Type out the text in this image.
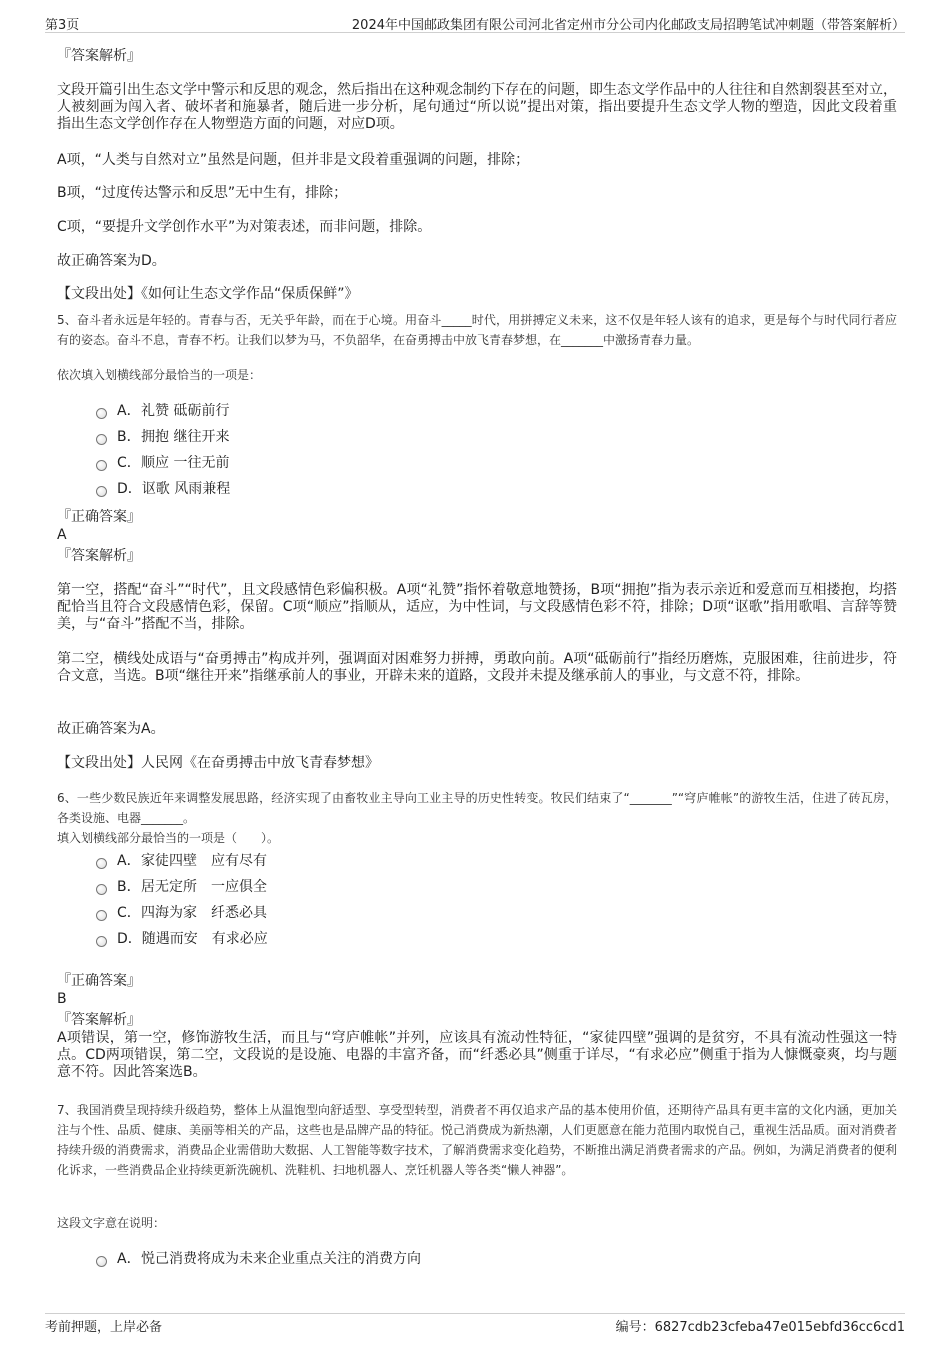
第3页	2024年中国邮政集团有限公司河北省定州市分公司内化邮政支局招聘笔试冲刺题（带答案解析）
『答案解析』
文段开篇引出生态文学中警示和反思的观念，然后指出在这种观念制约下存在的问题，即生态文学作品中的人往往和自然割裂甚至对立，人被刻画为闯入者、破坏者和施暴者，随后进一步分析，尾句通过“所以说”提出对策，指出要提升生态文学人物的塑造，因此文段着重指出生态文学创作存在人物塑造方面的问题，对应D项。
A项，“人类与自然对立”虽然是问题，但并非是文段着重强调的问题，排除；
B项，“过度传达警示和反思”无中生有，排除；
C项，“要提升文学创作水平”为对策表述，而非问题，排除。
故正确答案为D。
【文段出处】《如何让生态文学作品“保质保鲜”》
5、奋斗者永远是年轻的。青春与否，无关乎年龄，而在于心境。用奋斗_____时代，用拼搏定义未来，这不仅是年轻人该有的追求，更是每个与时代同行者应有的姿态。奋斗不息，青春不朽。让我们以梦为马，不负韶华，在奋勇搏击中放飞青春梦想，在_______中激扬青春力量。
依次填入划横线部分最恰当的一项是：
A． 礼赞 砥砺前行
B． 拥抱 继往开来
C． 顺应 一往无前
D． 讴歌 风雨兼程
『正确答案』
A
『答案解析』
第一空，搭配“奋斗”“时代”，且文段感情色彩偏积极。A项“礼赞”指怀着敬意地赞扬，B项“拥抱”指为表示亲近和爱意而互相搂抱，均搭配恰当且符合文段感情色彩，保留。C项“顺应”指顺从，适应，为中性词，与文段感情色彩不符，排除；D项“讴歌”指用歌唱、言辞等赞美，与“奋斗”搭配不当，排除。
第二空，横线处成语与“奋勇搏击”构成并列，强调面对困难努力拼搏，勇敢向前。A项“砥砺前行”指经历磨炼，克服困难，往前进步，符合文意，当选。B项“继往开来”指继承前人的事业，开辟未来的道路，文段并未提及继承前人的事业，与文意不符，排除。
故正确答案为A。
【文段出处】人民网《在奋勇搏击中放飞青春梦想》
6、一些少数民族近年来调整发展思路，经济实现了由畜牧业主导向工业主导的历史性转变。牧民们结束了“_______”“穹庐帷帐”的游牧生活，住进了砖瓦房，各类设施、电器_______。
填入划横线部分最恰当的一项是（　　）。
A． 家徒四壁　应有尽有
B． 居无定所　一应俱全
C． 四海为家　纤悉必具
D． 随遇而安　有求必应
『正确答案』
B
『答案解析』
A项错误，第一空，修饰游牧生活，而且与“穹庐帷帐”并列，应该具有流动性特征，“家徒四壁”强调的是贫穷，不具有流动性强这一特点。CD两项错误，第二空，文段说的是设施、电器的丰富齐备，而“纤悉必具”侧重于详尽，“有求必应”侧重于指为人慷慨豪爽，均与题意不符。因此答案选B。
7、我国消费呈现持续升级趋势，整体上从温饱型向舒适型、享受型转型，消费者不再仅追求产品的基本使用价值，还期待产品具有更丰富的文化内涵，更加关注与个性、品质、健康、美丽等相关的产品，这些也是品牌产品的特征。悦己消费成为新热潮，人们更愿意在能力范围内取悦自己，重视生活品质。面对消费者持续升级的消费需求，消费品企业需借助大数据、人工智能等数字技术，了解消费需求变化趋势，不断推出满足消费者需求的产品。例如，为满足消费者的便利化诉求，一些消费品企业持续更新洗碗机、洗鞋机、扫地机器人、烹饪机器人等各类“懒人神器”。
这段文字意在说明：
A． 悦己消费将成为未来企业重点关注的消费方向
考前押题，上岸必备	编号：6827cdb23cfeba47e015ebfd36cc6cd1
